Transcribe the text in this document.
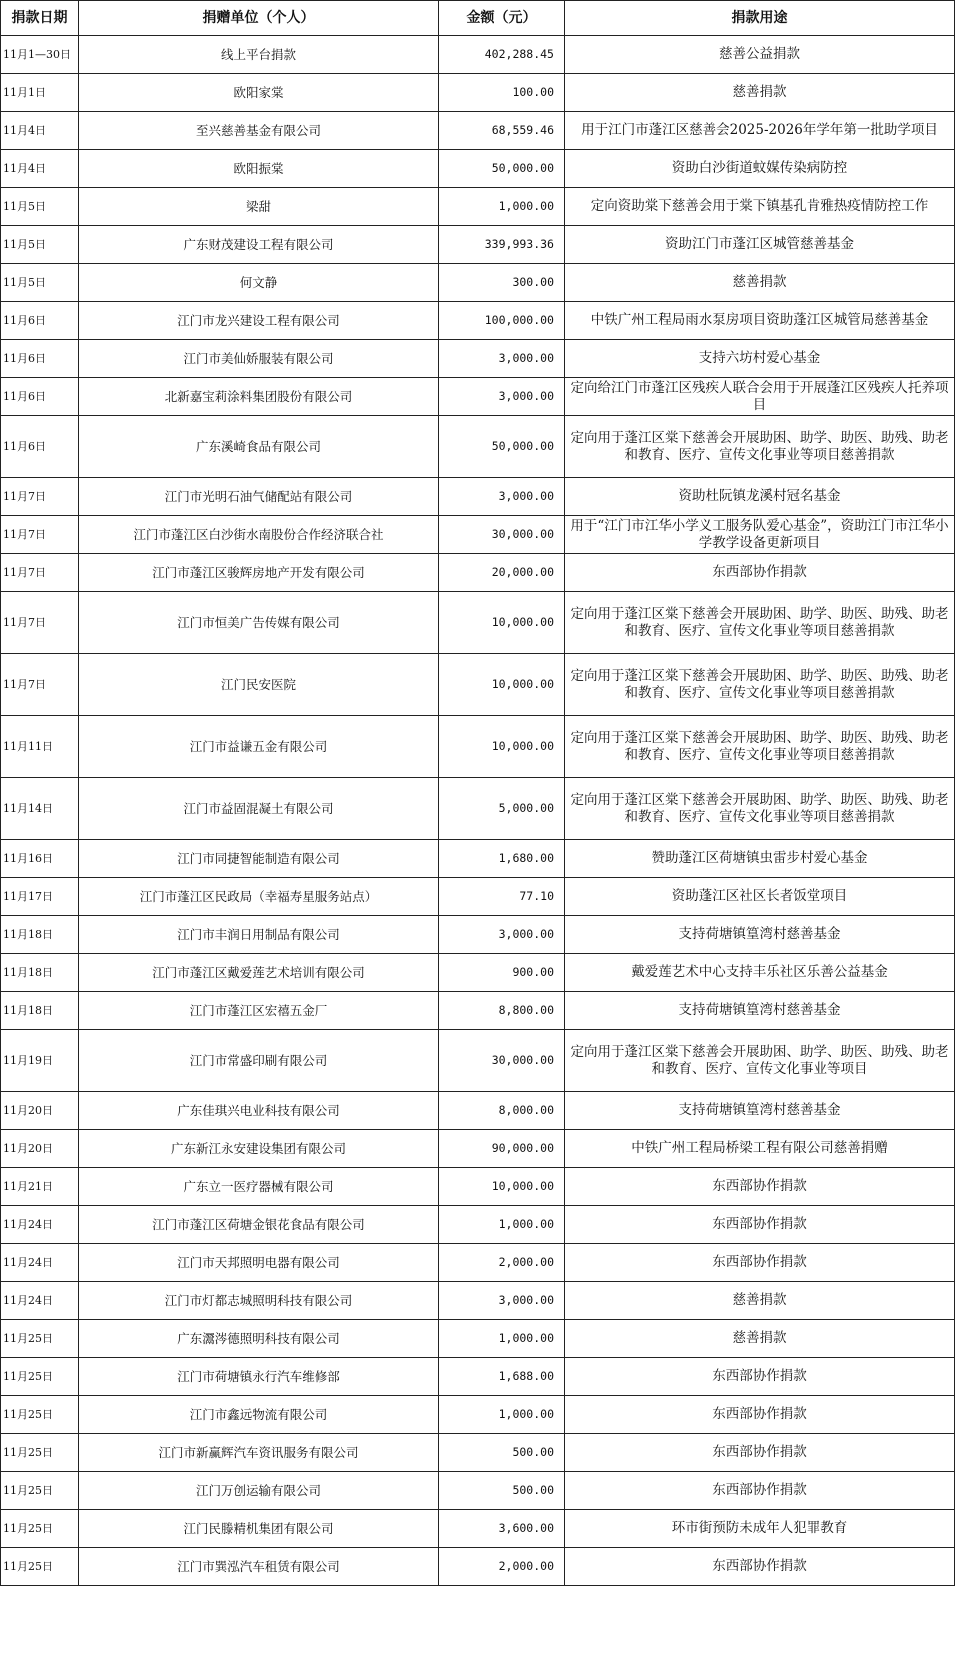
捐款日期	捐赠单位（个人）	金额（元）	捐款用途
11月1—30日	线上平台捐款	402,288.45	慈善公益捐款
11月1日	欧阳家棠	100.00	慈善捐款
11月4日	至兴慈善基金有限公司	68,559.46	用于江门市蓬江区慈善会2025-2026年学年第一批助学项目
11月4日	欧阳振棠	50,000.00	资助白沙街道蚊媒传染病防控
11月5日	梁甜	1,000.00	定向资助棠下慈善会用于棠下镇基孔肯雅热疫情防控工作
11月5日	广东财茂建设工程有限公司	339,993.36	资助江门市蓬江区城管慈善基金
11月5日	何文静	300.00	慈善捐款
11月6日	江门市龙兴建设工程有限公司	100,000.00	中铁广州工程局雨水泵房项目资助蓬江区城管局慈善基金
11月6日	江门市美仙娇服装有限公司	3,000.00	支持六坊村爱心基金
11月6日	北新嘉宝莉涂料集团股份有限公司	3,000.00	定向给江门市蓬江区残疾人联合会用于开展蓬江区残疾人托养项目
11月6日	广东溪崎食品有限公司	50,000.00	定向用于蓬江区棠下慈善会开展助困、助学、助医、助残、助老和教育、医疗、宣传文化事业等项目慈善捐款
11月7日	江门市光明石油气储配站有限公司	3,000.00	资助杜阮镇龙溪村冠名基金
11月7日	江门市蓬江区白沙街水南股份合作经济联合社	30,000.00	用于“江门市江华小学义工服务队爱心基金”，资助江门市江华小学教学设备更新项目
11月7日	江门市蓬江区骏辉房地产开发有限公司	20,000.00	东西部协作捐款
11月7日	江门市恒美广告传媒有限公司	10,000.00	定向用于蓬江区棠下慈善会开展助困、助学、助医、助残、助老和教育、医疗、宣传文化事业等项目慈善捐款
11月7日	江门民安医院	10,000.00	定向用于蓬江区棠下慈善会开展助困、助学、助医、助残、助老和教育、医疗、宣传文化事业等项目慈善捐款
11月11日	江门市益谦五金有限公司	10,000.00	定向用于蓬江区棠下慈善会开展助困、助学、助医、助残、助老和教育、医疗、宣传文化事业等项目慈善捐款
11月14日	江门市益固混凝土有限公司	5,000.00	定向用于蓬江区棠下慈善会开展助困、助学、助医、助残、助老和教育、医疗、宣传文化事业等项目慈善捐款
11月16日	江门市同捷智能制造有限公司	1,680.00	赞助蓬江区荷塘镇虫雷步村爱心基金
11月17日	江门市蓬江区民政局（幸福寿星服务站点）	77.10	资助蓬江区社区长者饭堂项目
11月18日	江门市丰润日用制品有限公司	3,000.00	支持荷塘镇篁湾村慈善基金
11月18日	江门市蓬江区戴爱莲艺术培训有限公司	900.00	戴爱莲艺术中心支持丰乐社区乐善公益基金
11月18日	江门市蓬江区宏禧五金厂	8,800.00	支持荷塘镇篁湾村慈善基金
11月19日	江门市常盛印刷有限公司	30,000.00	定向用于蓬江区棠下慈善会开展助困、助学、助医、助残、助老和教育、医疗、宣传文化事业等项目
11月20日	广东佳琪兴电业科技有限公司	8,000.00	支持荷塘镇篁湾村慈善基金
11月20日	广东新江永安建设集团有限公司	90,000.00	中铁广州工程局桥梁工程有限公司慈善捐赠
11月21日	广东立一医疗器械有限公司	10,000.00	东西部协作捐款
11月24日	江门市蓬江区荷塘金银花食品有限公司	1,000.00	东西部协作捐款
11月24日	江门市天邦照明电器有限公司	2,000.00	东西部协作捐款
11月24日	江门市灯都志城照明科技有限公司	3,000.00	慈善捐款
11月25日	广东灊涔德照明科技有限公司	1,000.00	慈善捐款
11月25日	江门市荷塘镇永行汽车维修部	1,688.00	东西部协作捐款
11月25日	江门市鑫远物流有限公司	1,000.00	东西部协作捐款
11月25日	江门市新赢辉汽车资讯服务有限公司	500.00	东西部协作捐款
11月25日	江门万创运输有限公司	500.00	东西部协作捐款
11月25日	江门民滕精机集团有限公司	3,600.00	环市街预防未成年人犯罪教育
11月25日	江门市巽泓汽车租赁有限公司	2,000.00	东西部协作捐款
